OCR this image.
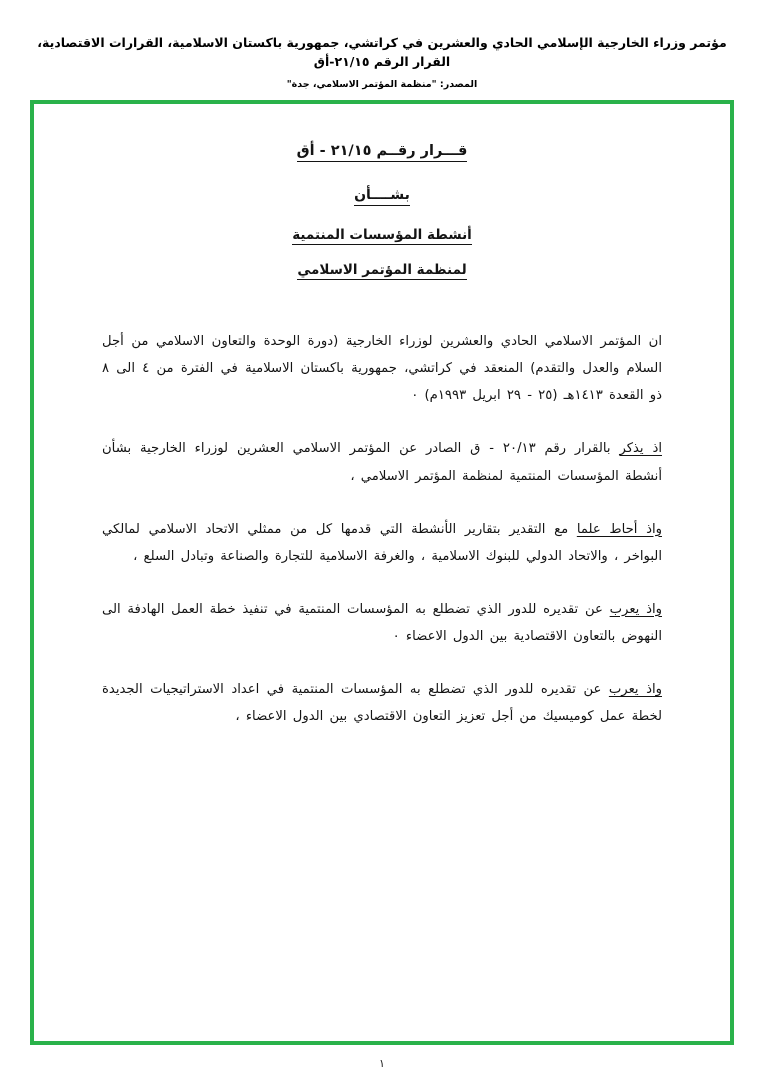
مؤتمر وزراء الخارجية الإسلامي الحادي والعشرين في كراتشي، جمهورية باكستان الاسلامية، القرارات الاقتصادية، القرار الرقم ٢١/١٥-أق
المصدر: "منظمة المؤتمر الاسلامي، جدة"
قـــرار رقــم ٢١/١٥ - أق
بشــــأن
أنشطة المؤسسات المنتمية
لمنظمة المؤتمر الاسلامي

ان المؤتمر الاسلامي الحادي والعشرين لوزراء الخارجية (دورة الوحدة والتعاون الاسلامي من أجل السلام والعدل والتقدم) المنعقد في كراتشي، جمهورية باكستان الاسلامية في الفترة من ٤ الى ٨ ذو القعدة ١٤١٣هـ (٢٥ - ٢٩ ابريل ١٩٩٣م) ٠

اذ يذكر بالقرار رقم ٢٠/١٣ - ق الصادر عن المؤتمر الاسلامي العشرين لوزراء الخارجية بشأن أنشطة المؤسسات المنتمية لمنظمة المؤتمر الاسلامي ،

واذ أحاط علما مع التقدير بتقارير الأنشطة التي قدمها كل من ممثلي الاتحاد الاسلامي لمالكي البواخر ، والاتحاد الدولي للبنوك الاسلامية ، والغرفة الاسلامية للتجارة والصناعة وتبادل السلع ،

واذ يعرب عن تقديره للدور الذي تضطلع به المؤسسات المنتمية في تنفيذ خطة العمل الهادفة الى النهوض بالتعاون الاقتصادية بين الدول الاعضاء ٠

واذ يعرب عن تقديره للدور الذي تضطلع به المؤسسات المنتمية في اعداد الاستراتيجيات الجديدة لخطة عمل كوميسيك من أجل تعزيز التعاون الاقتصادي بين الدول الاعضاء ،

١
